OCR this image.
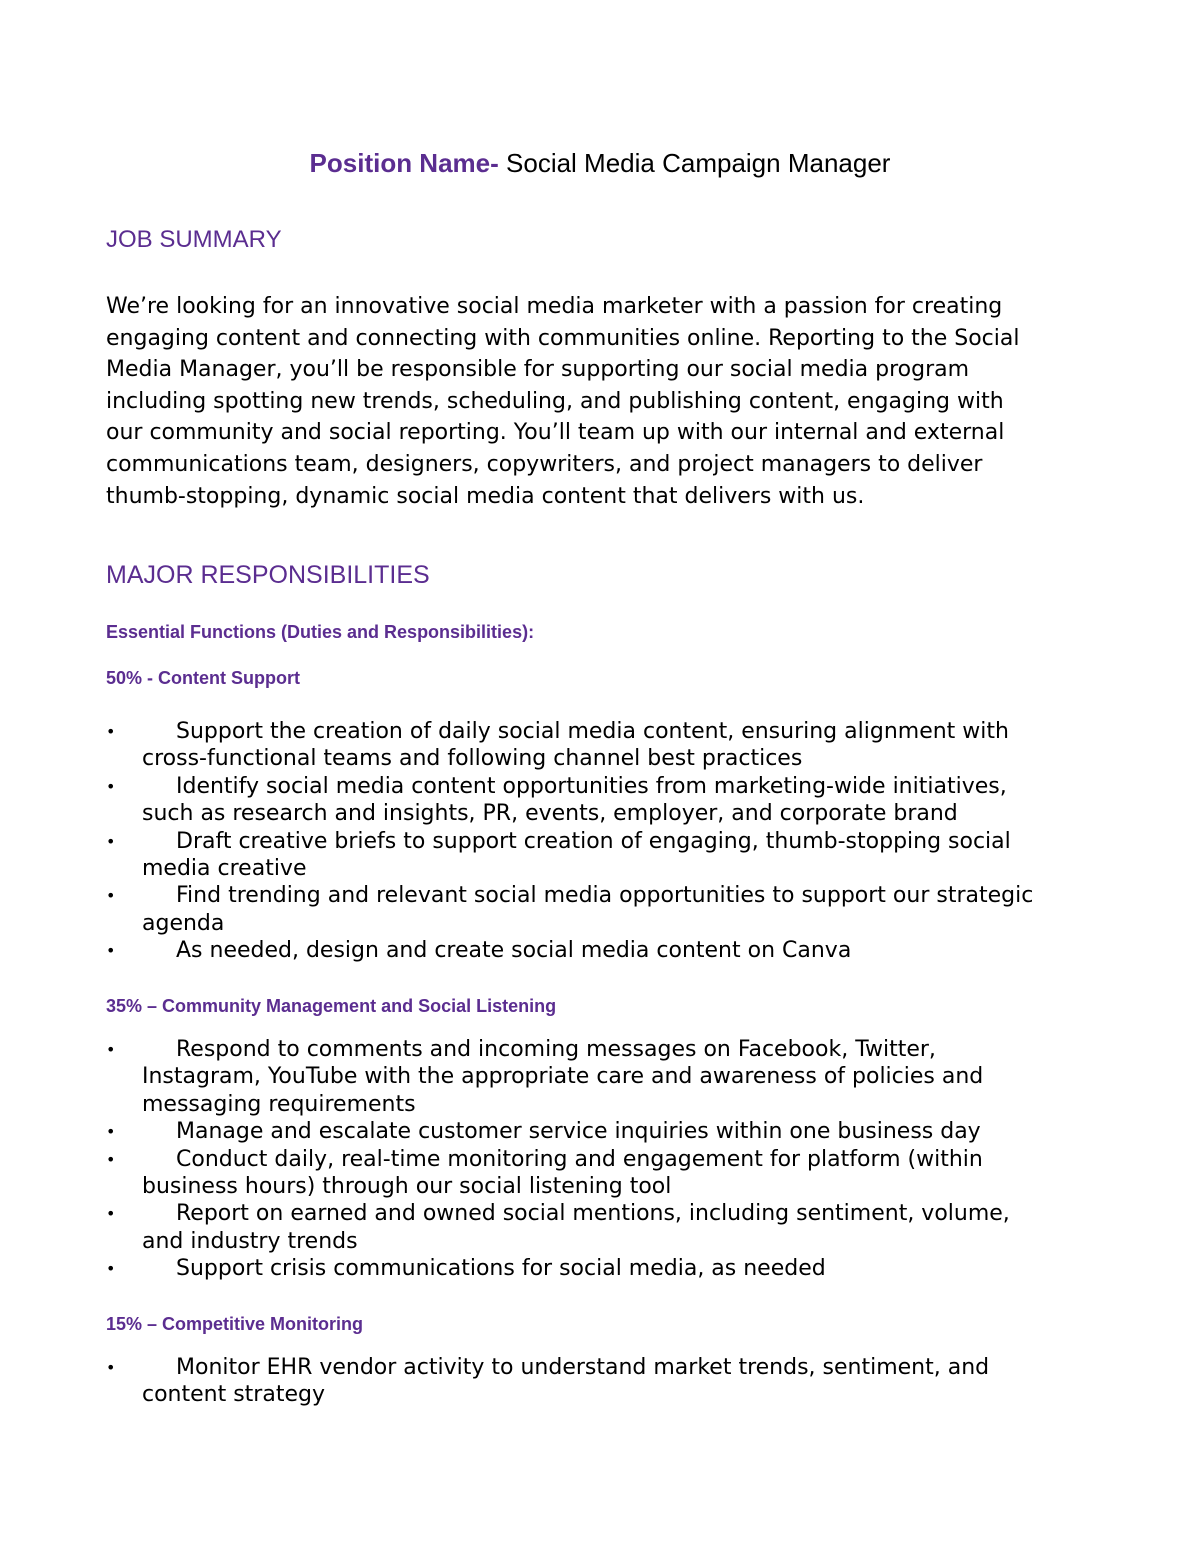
Position Name- Social Media Campaign Manager
JOB SUMMARY
We’re looking for an innovative social media marketer with a passion for creating
engaging content and connecting with communities online. Reporting to the Social
Media Manager, you’ll be responsible for supporting our social media program
including spotting new trends, scheduling, and publishing content, engaging with
our community and social reporting. You’ll team up with our internal and external
communications team, designers, copywriters, and project managers to deliver
thumb-stopping, dynamic social media content that delivers with us.
MAJOR RESPONSIBILITIES
Essential Functions (Duties and Responsibilities):
50% - Content Support
•	Support the creation of daily social media content, ensuring alignment with
cross-functional teams and following channel best practices
•	Identify social media content opportunities from marketing-wide initiatives,
such as research and insights, PR, events, employer, and corporate brand
•	Draft creative briefs to support creation of engaging, thumb-stopping social
media creative
•	Find trending and relevant social media opportunities to support our strategic
agenda
•	As needed, design and create social media content on Canva
35% – Community Management and Social Listening
•	Respond to comments and incoming messages on Facebook, Twitter,
Instagram, YouTube with the appropriate care and awareness of policies and
messaging requirements
•	Manage and escalate customer service inquiries within one business day
•	Conduct daily, real-time monitoring and engagement for platform (within
business hours) through our social listening tool
•	Report on earned and owned social mentions, including sentiment, volume,
and industry trends
•	Support crisis communications for social media, as needed
15% – Competitive Monitoring
•	Monitor EHR vendor activity to understand market trends, sentiment, and
content strategy
